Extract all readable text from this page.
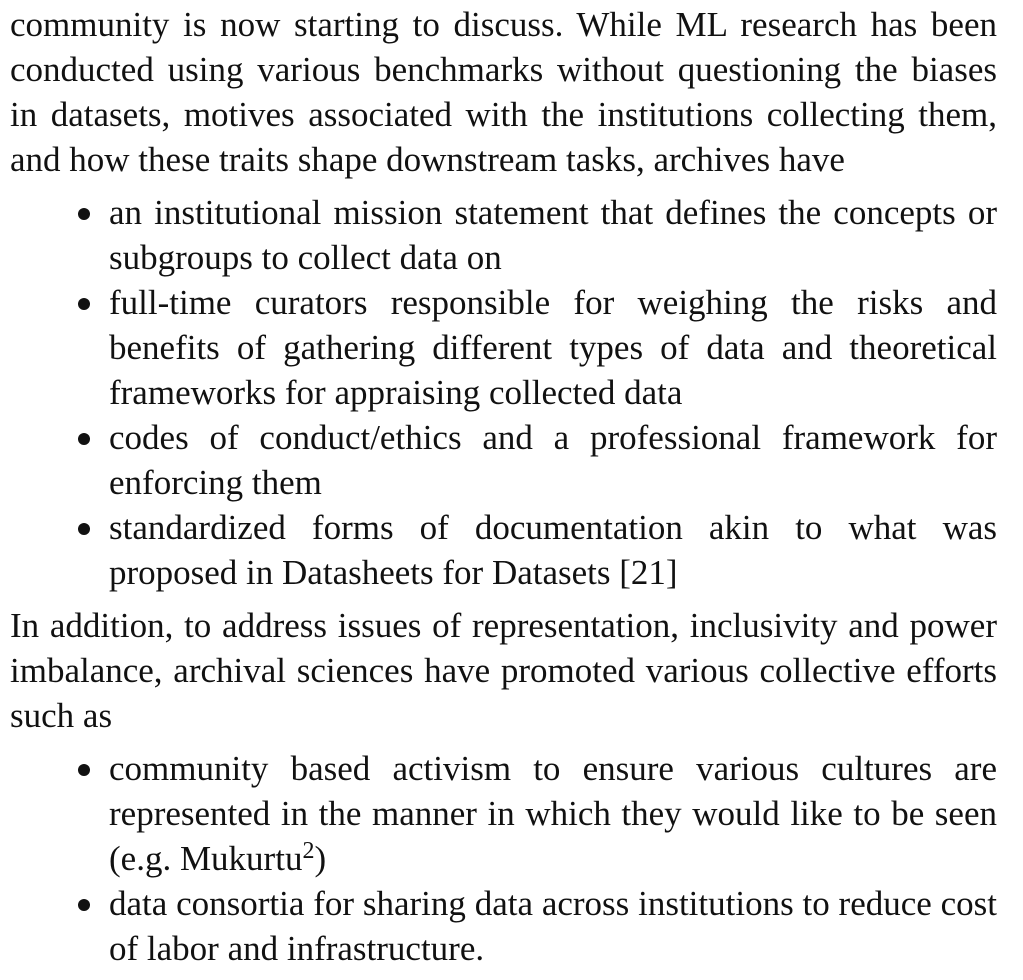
community is now starting to discuss. While ML research has been conducted using various benchmarks without questioning the biases in datasets, motives associated with the institutions collecting them, and how these traits shape downstream tasks, archives have

an institutional mission statement that defines the concepts or subgroups to collect data on
full-time curators responsible for weighing the risks and benefits of gathering different types of data and theoretical frameworks for appraising collected data
codes of conduct/ethics and a professional framework for enforcing them
standardized forms of documentation akin to what was proposed in Datasheets for Datasets [21]

In addition, to address issues of representation, inclusivity and power imbalance, archival sciences have promoted various collective efforts such as

community based activism to ensure various cultures are represented in the manner in which they would like to be seen (e.g. Mukurtu$^2$)
data consortia for sharing data across institutions to reduce cost of labor and infrastructure.
